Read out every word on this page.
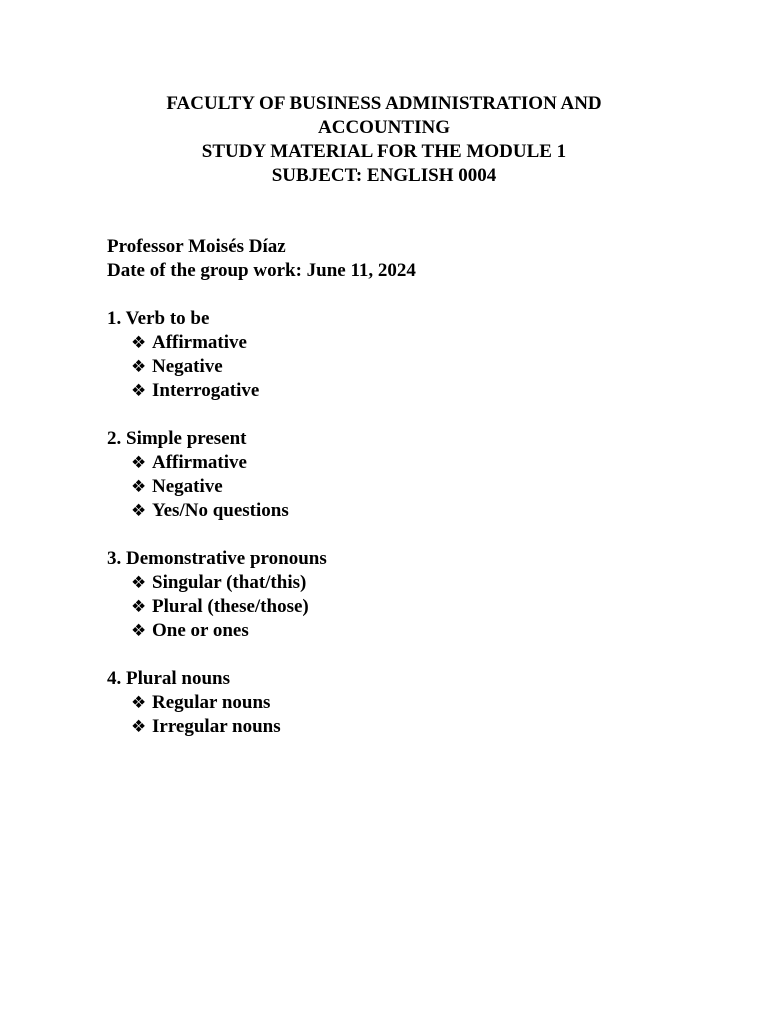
FACULTY OF BUSINESS ADMINISTRATION AND
ACCOUNTING
STUDY MATERIAL FOR THE MODULE 1
SUBJECT: ENGLISH 0004
Professor Moisés Díaz
Date of the group work: June 11, 2024
1. Verb to be
❖ Affirmative
❖ Negative
❖ Interrogative
2. Simple present
❖ Affirmative
❖ Negative
❖ Yes/No questions
3. Demonstrative pronouns
❖ Singular (that/this)
❖ Plural (these/those)
❖ One or ones
4. Plural nouns
❖ Regular nouns
❖ Irregular nouns
